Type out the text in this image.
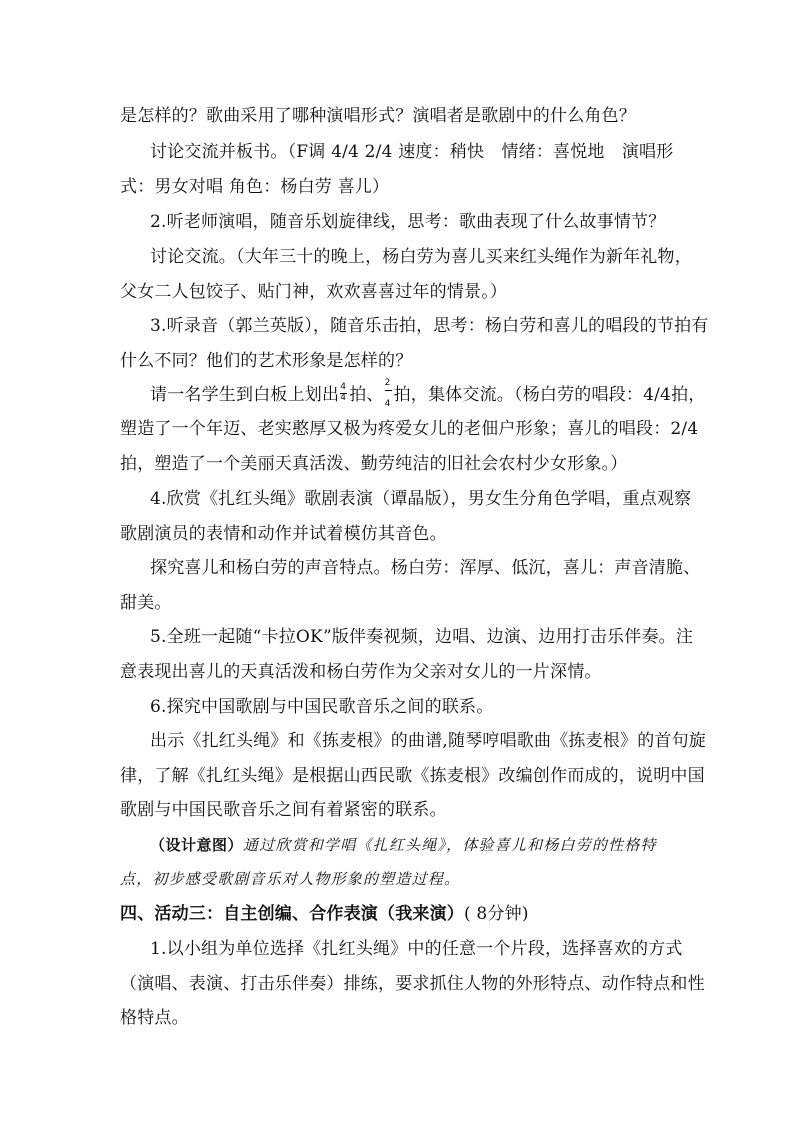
是怎样的？歌曲采用了哪种演唱形式？演唱者是歌剧中的什么角色？
讨论交流并板书。（F调 4/4 2/4 速度：稍快　情绪：喜悦地　演唱形
式：男女对唱 角色：杨白劳 喜儿）
2.听老师演唱，随音乐划旋律线，思考：歌曲表现了什么故事情节？
讨论交流。（大年三十的晚上，杨白劳为喜儿买来红头绳作为新年礼物，
父女二人包饺子、贴门神，欢欢喜喜过年的情景。）
3.听录音（郭兰英版），随音乐击拍，思考：杨白劳和喜儿的唱段的节拍有
什么不同？他们的艺术形象是怎样的？
请一名学生到白板上划出 $\frac{4}{4}$ 拍、 $\frac{2}{4}$ 拍，集体交流。（杨白劳的唱段：4/4拍，
塑造了一个年迈、老实憨厚又极为疼爱女儿的老佃户形象；喜儿的唱段：2/4
拍，塑造了一个美丽天真活泼、勤劳纯洁的旧社会农村少女形象。）
4.欣赏《扎红头绳》歌剧表演（谭晶版），男女生分角色学唱，重点观察
歌剧演员的表情和动作并试着模仿其音色。
探究喜儿和杨白劳的声音特点。杨白劳：浑厚、低沉，喜儿：声音清脆、
甜美。
5.全班一起随“卡拉OK”版伴奏视频，边唱、边演、边用打击乐伴奏。注
意表现出喜儿的天真活泼和杨白劳作为父亲对女儿的一片深情。
6.探究中国歌剧与中国民歌音乐之间的联系。
出示《扎红头绳》和《拣麦根》的曲谱,随琴哼唱歌曲《拣麦根》的首句旋
律，了解《扎红头绳》是根据山西民歌《拣麦根》改编创作而成的，说明中国
歌剧与中国民歌音乐之间有着紧密的联系。
（设计意图）通过欣赏和学唱《扎红头绳》，体验喜儿和杨白劳的性格特
点，初步感受歌剧音乐对人物形象的塑造过程。
四、活动三：自主创编、合作表演（我来演）( 8分钟)
1.以小组为单位选择《扎红头绳》中的任意一个片段，选择喜欢的方式
（演唱、表演、打击乐伴奏）排练，要求抓住人物的外形特点、动作特点和性
格特点。
